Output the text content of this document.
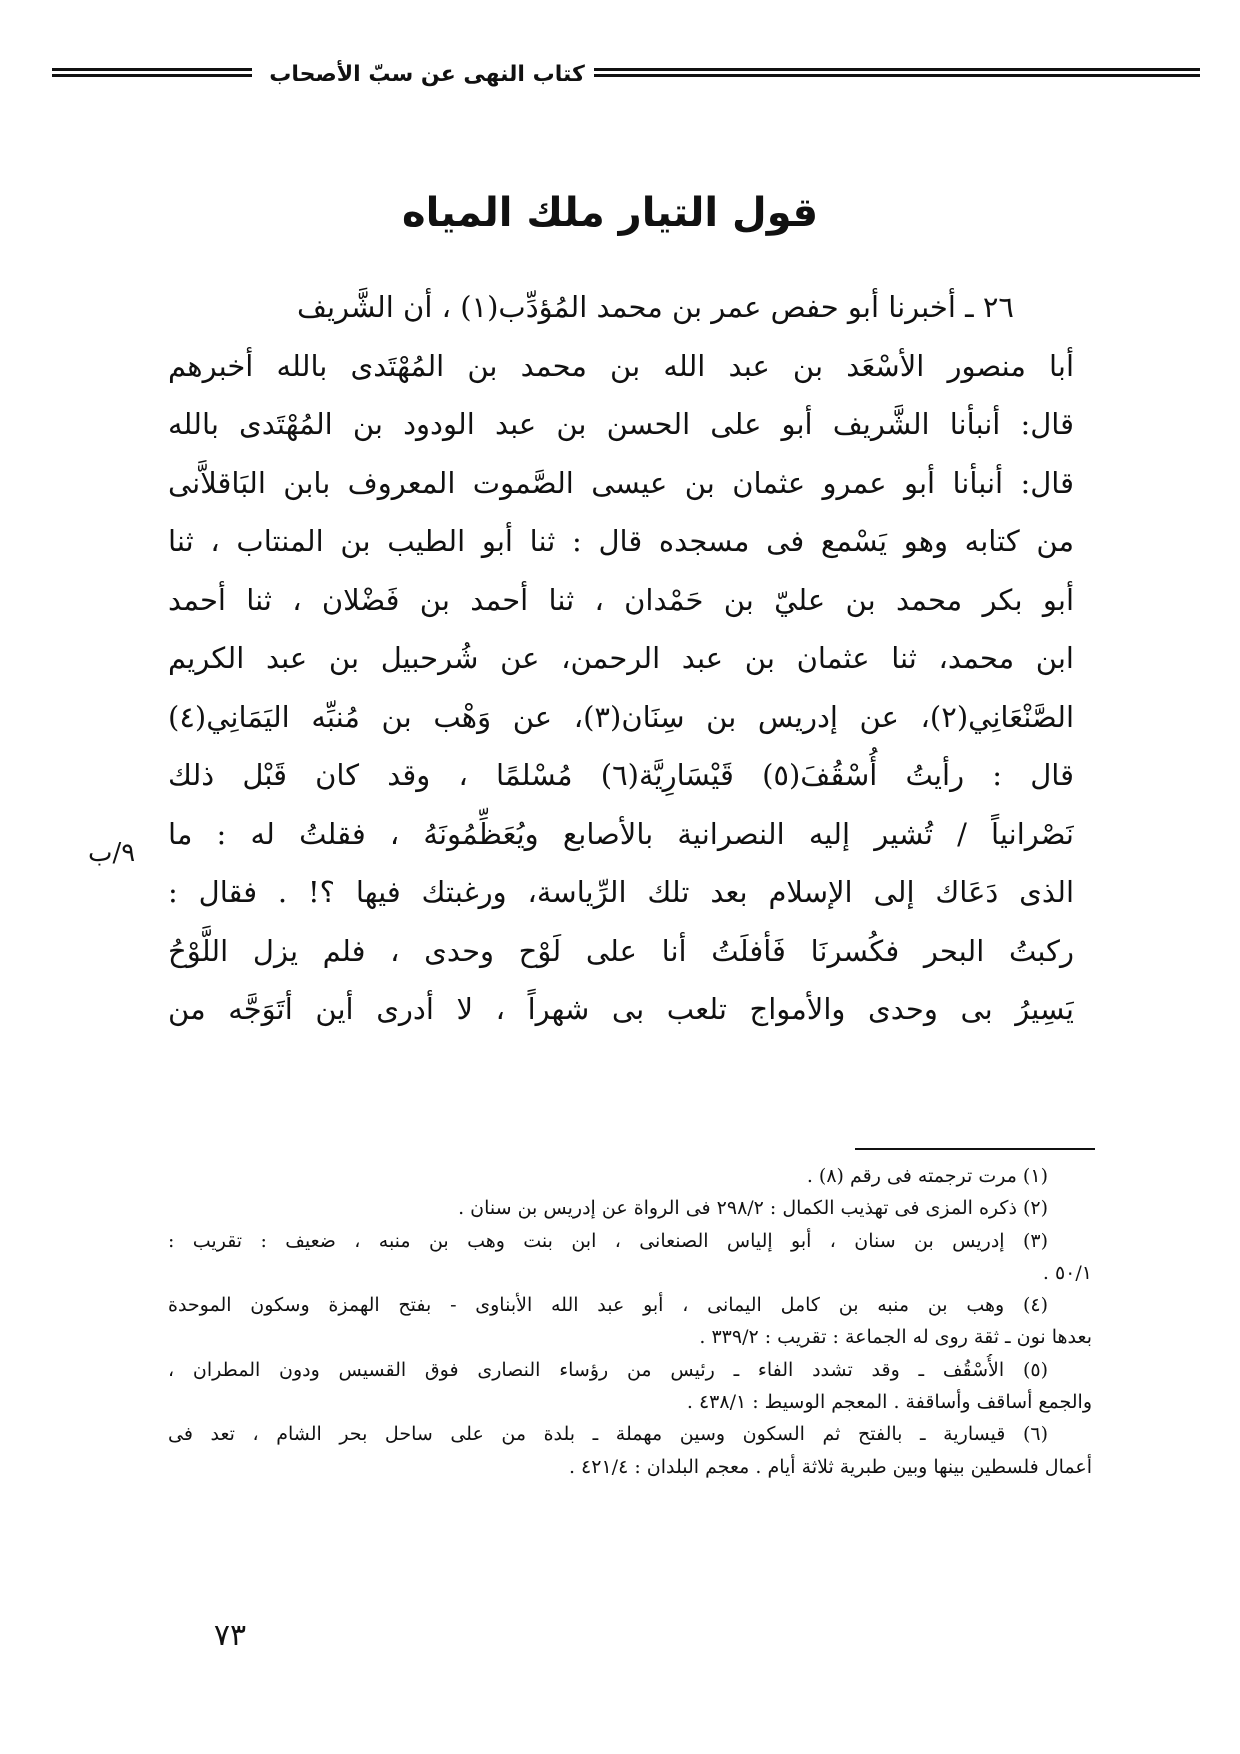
كتاب النهى عن سبّ الأصحاب
قول التيار ملك المياه
٢٦ ـ أخبرنا أبو حفص عمر بن محمد المُؤدِّب(١) ، أن الشَّريف
أبا منصور الأسْعَد بن عبد الله بن محمد بن المُهْتَدى بالله أخبرهم
قال: أنبأنا الشَّريف أبو على الحسن بن عبد الودود بن المُهْتَدى بالله
قال: أنبأنا أبو عمرو عثمان بن عيسى الصَّموت المعروف بابن البَاقلاَّنى
من كتابه وهو يَسْمع فى مسجده قال : ثنا أبو الطيب بن المنتاب ، ثنا
أبو بكر محمد بن عليّ بن حَمْدان ، ثنا أحمد بن فَضْلان ، ثنا أحمد
ابن محمد، ثنا عثمان بن عبد الرحمن، عن شُرحبيل بن عبد الكريم
الصَّنْعَانِي(٢)، عن إدريس بن سِنَان(٣)، عن وَهْب بن مُنبِّه اليَمَانِي(٤)
قال : رأيتُ أُسْقُفَ(٥) قَيْسَارِيَّة(٦) مُسْلمًا ، وقد كان قَبْل ذلك
نَصْرانياً / تُشير إليه النصرانية بالأصابع ويُعَظِّمُونَهُ ، فقلتُ له : ما
الذى دَعَاك إلى الإسلام بعد تلك الرِّياسة، ورغبتك فيها ؟! . فقال :
ركبتُ البحر فكُسرنَا فَأفلَتُ أنا على لَوْح وحدى ، فلم يزل اللَّوْحُ
يَسِيرُ بى وحدى والأمواج تلعب بى شهراً ، لا أدرى أين أتَوَجَّه من
٩/ب
(١) مرت ترجمته فى رقم (٨) .
(٢) ذكره المزى فى تهذيب الكمال : ٢٩٨/٢ فى الرواة عن إدريس بن سنان .
(٣) إدريس بن سنان ، أبو إلياس الصنعانى ، ابن بنت وهب بن منبه ، ضعيف : تقريب :
٥٠/١ .
(٤) وهب بن منبه بن كامل اليمانى ، أبو عبد الله الأبناوى - بفتح الهمزة وسكون الموحدة
بعدها نون ـ ثقة روى له الجماعة : تقريب : ٣٣٩/٢ .
(٥) الأُسْقُف ـ وقد تشدد الفاء ـ رئيس من رؤساء النصارى فوق القسيس ودون المطران ،
والجمع أساقف وأساقفة . المعجم الوسيط : ٤٣٨/١ .
(٦) قيسارية ـ بالفتح ثم السكون وسين مهملة ـ بلدة من على ساحل بحر الشام ، تعد فى
أعمال فلسطين بينها وبين طبرية ثلاثة أيام . معجم البلدان : ٤٢١/٤ .
٧٣
